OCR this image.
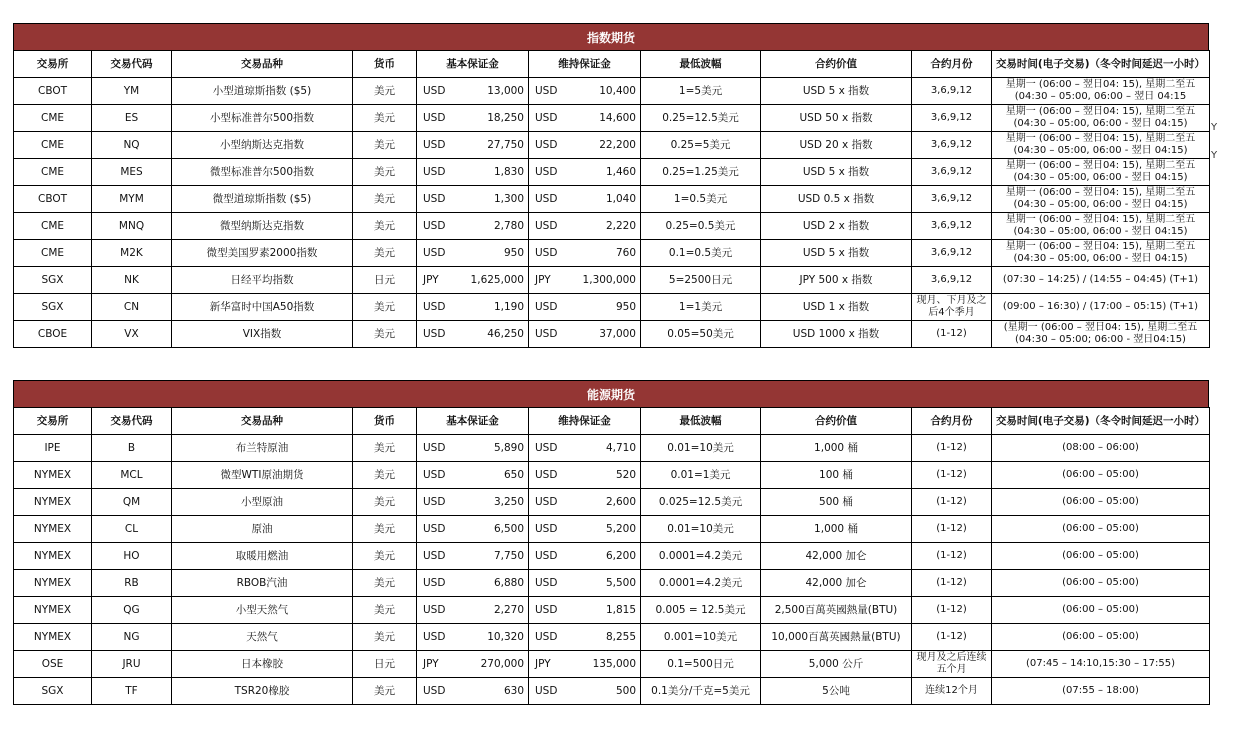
指数期货
交易所	交易代码	交易品种	货币	基本保证金	维持保证金	最低波幅	合约价值	合约月份	交易时间(电子交易)（冬令时间延迟一小时）
CBOT	YM	小型道琼斯指数 ($5)	美元	USD 13,000	USD 10,400	1=5美元	USD 5 x 指数	3,6,9,12	星期一 (06:00 – 翌日04: 15), 星期二至五 (04:30 – 05:00, 06:00 – 翌日 04:15
CME	ES	小型标准普尔500指数	美元	USD 18,250	USD 14,600	0.25=12.5美元	USD 50 x 指数	3,6,9,12	星期一 (06:00 – 翌日04: 15), 星期二至五 (04:30 – 05:00, 06:00 - 翌日 04:15)
CME	NQ	小型纳斯达克指数	美元	USD 27,750	USD 22,200	0.25=5美元	USD 20 x 指数	3,6,9,12	星期一 (06:00 – 翌日04: 15), 星期二至五 (04:30 – 05:00, 06:00 - 翌日 04:15)
CME	MES	微型标准普尔500指数	美元	USD 1,830	USD 1,460	0.25=1.25美元	USD 5 x 指数	3,6,9,12	星期一 (06:00 – 翌日04: 15), 星期二至五 (04:30 – 05:00, 06:00 - 翌日 04:15)
CBOT	MYM	微型道琼斯指数 ($5)	美元	USD 1,300	USD 1,040	1=0.5美元	USD 0.5 x 指数	3,6,9,12	星期一 (06:00 – 翌日04: 15), 星期二至五 (04:30 – 05:00, 06:00 - 翌日 04:15)
CME	MNQ	微型纳斯达克指数	美元	USD 2,780	USD 2,220	0.25=0.5美元	USD 2 x 指数	3,6,9,12	星期一 (06:00 – 翌日04: 15), 星期二至五 (04:30 – 05:00, 06:00 - 翌日 04:15)
CME	M2K	微型美国罗素2000指数	美元	USD 950	USD 760	0.1=0.5美元	USD 5 x 指数	3,6,9,12	星期一 (06:00 – 翌日04: 15), 星期二至五 (04:30 – 05:00, 06:00 - 翌日 04:15)
SGX	NK	日经平均指数	日元	JPY 1,625,000	JPY 1,300,000	5=2500日元	JPY 500 x 指数	3,6,9,12	(07:30 – 14:25) / (14:55 – 04:45) (T+1)
SGX	CN	新华富时中国A50指数	美元	USD 1,190	USD 950	1=1美元	USD 1 x 指数	现月、下月及之后4个季月	(09:00 – 16:30) / (17:00 – 05:15) (T+1)
CBOE	VX	VIX指数	美元	USD 46,250	USD 37,000	0.05=50美元	USD 1000 x 指数	(1-12)	(星期一 (06:00 – 翌日04: 15), 星期二至五 (04:30 – 05:00; 06:00 - 翌日04:15)
能源期货
交易所	交易代码	交易品种	货币	基本保证金	维持保证金	最低波幅	合约价值	合约月份	交易时间(电子交易)（冬令时间延迟一小时）
IPE	B	布兰特原油	美元	USD 5,890	USD 4,710	0.01=10美元	1,000 桶	(1-12)	(08:00 – 06:00)
NYMEX	MCL	微型WTI原油期货	美元	USD 650	USD 520	0.01=1美元	100 桶	(1-12)	(06:00 – 05:00)
NYMEX	QM	小型原油	美元	USD 3,250	USD 2,600	0.025=12.5美元	500 桶	(1-12)	(06:00 – 05:00)
NYMEX	CL	原油	美元	USD 6,500	USD 5,200	0.01=10美元	1,000 桶	(1-12)	(06:00 – 05:00)
NYMEX	HO	取暖用燃油	美元	USD 7,750	USD 6,200	0.0001=4.2美元	42,000 加仑	(1-12)	(06:00 – 05:00)
NYMEX	RB	RBOB汽油	美元	USD 6,880	USD 5,500	0.0001=4.2美元	42,000 加仑	(1-12)	(06:00 – 05:00)
NYMEX	QG	小型天然气	美元	USD 2,270	USD 1,815	0.005 = 12.5美元	2,500百萬英國熱量(BTU)	(1-12)	(06:00 – 05:00)
NYMEX	NG	天然气	美元	USD 10,320	USD 8,255	0.001=10美元	10,000百萬英國熱量(BTU)	(1-12)	(06:00 – 05:00)
OSE	JRU	日本橡胶	日元	JPY 270,000	JPY 135,000	0.1=500日元	5,000 公斤	现月及之后连续五个月	(07:45 – 14:10,15:30 – 17:55)
SGX	TF	TSR20橡胶	美元	USD 630	USD 500	0.1美分/千克=5美元	5公吨	连续12个月	(07:55 – 18:00)
Y
Y
